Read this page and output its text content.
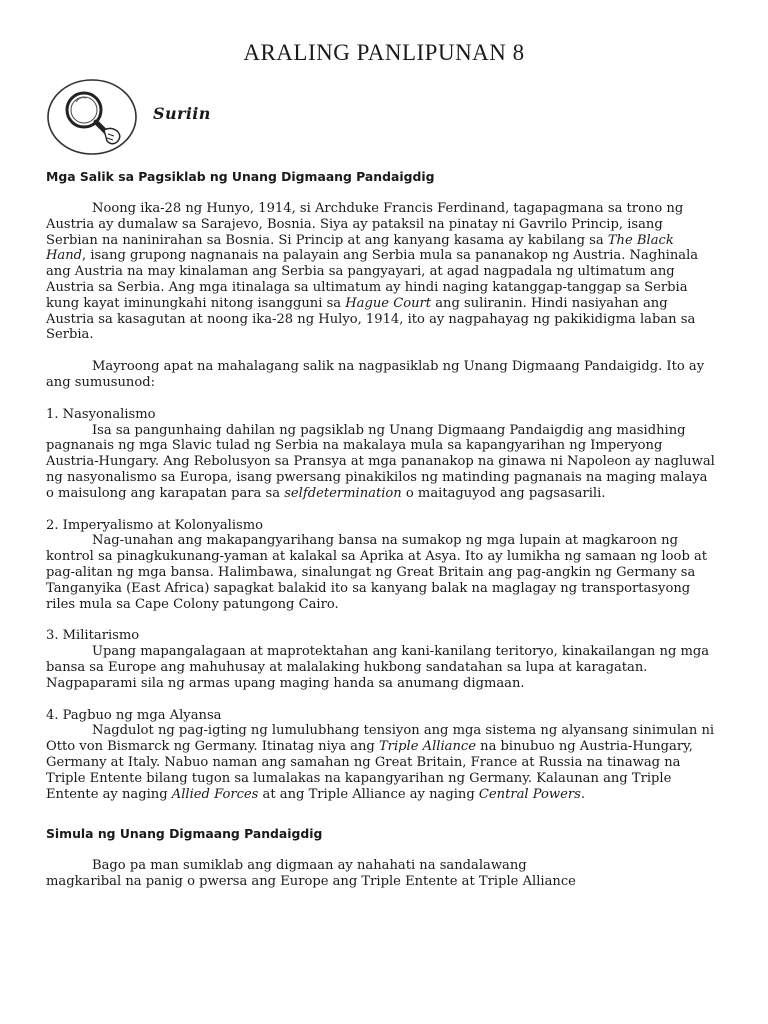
ARALING PANLIPUNAN 8
Suriin

Mga Salik sa Pagsiklab ng Unang Digmaang Pandaigdig

Noong ika-28 ng Hunyo, 1914, si Archduke Francis Ferdinand, tagapagmana sa trono ng Austria ay dumalaw sa Sarajevo, Bosnia. Siya ay pataksil na pinatay ni Gavrilo Princip, isang Serbian na naninirahan sa Bosnia. Si Princip at ang kanyang kasama ay kabilang sa The Black Hand, isang grupong nagnanais na palayain ang Serbia mula sa pananakop ng Austria. Naghinala ang Austria na may kinalaman ang Serbia sa pangyayari, at agad nagpadala ng ultimatum ang Austria sa Serbia. Ang mga itinalaga sa ultimatum ay hindi naging katanggap-tanggap sa Serbia kung kayat iminungkahi nitong isangguni sa Hague Court ang suliranin. Hindi nasiyahan ang Austria sa kasagutan at noong ika-28 ng Hulyo, 1914, ito ay nagpahayag ng pakikidigma laban sa Serbia.

Mayroong apat na mahalagang salik na nagpasiklab ng Unang Digmaang Pandaigidg. Ito ay ang sumusunod:

1. Nasyonalismo

Isa sa pangunhaing dahilan ng pagsiklab ng Unang Digmaang Pandaigdig ang masidhing pagnanais ng mga Slavic tulad ng Serbia na makalaya mula sa kapangyarihan ng Imperyong Austria-Hungary. Ang Rebolusyon sa Pransya at mga pananakop na ginawa ni Napoleon ay nagluwal ng nasyonalismo sa Europa, isang pwersang pinakikilos ng matinding pagnanais na maging malaya o maisulong ang karapatan para sa selfdetermination o maitaguyod ang pagsasarili.

2. Imperyalismo at Kolonyalismo

Nag-unahan ang makapangyarihang bansa na sumakop ng mga lupain at magkaroon ng kontrol sa pinagkukunang-yaman at kalakal sa Aprika at Asya. Ito ay lumikha ng samaan ng loob at pag-alitan ng mga bansa. Halimbawa, sinalungat ng Great Britain ang pag-angkin ng Germany sa Tanganyika (East Africa) sapagkat balakid ito sa kanyang balak na maglagay ng transportasyong riles mula sa Cape Colony patungong Cairo.

3. Militarismo

Upang mapangalagaan at maprotektahan ang kani-kanilang teritoryo, kinakailangan ng mga bansa sa Europe ang mahuhusay at malalaking hukbong sandatahan sa lupa at karagatan. Nagpaparami sila ng armas upang maging handa sa anumang digmaan.

4. Pagbuo ng mga Alyansa

Nagdulot ng pag-igting ng lumulubhang tensiyon ang mga sistema ng alyansang sinimulan ni Otto von Bismarck ng Germany. Itinatag niya ang Triple Alliance na binubuo ng Austria-Hungary, Germany at Italy. Nabuo naman ang samahan ng Great Britain, France at Russia na tinawag na Triple Entente bilang tugon sa lumalakas na kapangyarihan ng Germany. Kalaunan ang Triple Entente ay naging Allied Forces at ang Triple Alliance ay naging Central Powers.

Simula ng Unang Digmaang Pandaigdig

Bago pa man sumiklab ang digmaan ay nahahati na sandalawang magkaribal na panig o pwersa ang Europe ang Triple Entente at Triple Alliance
